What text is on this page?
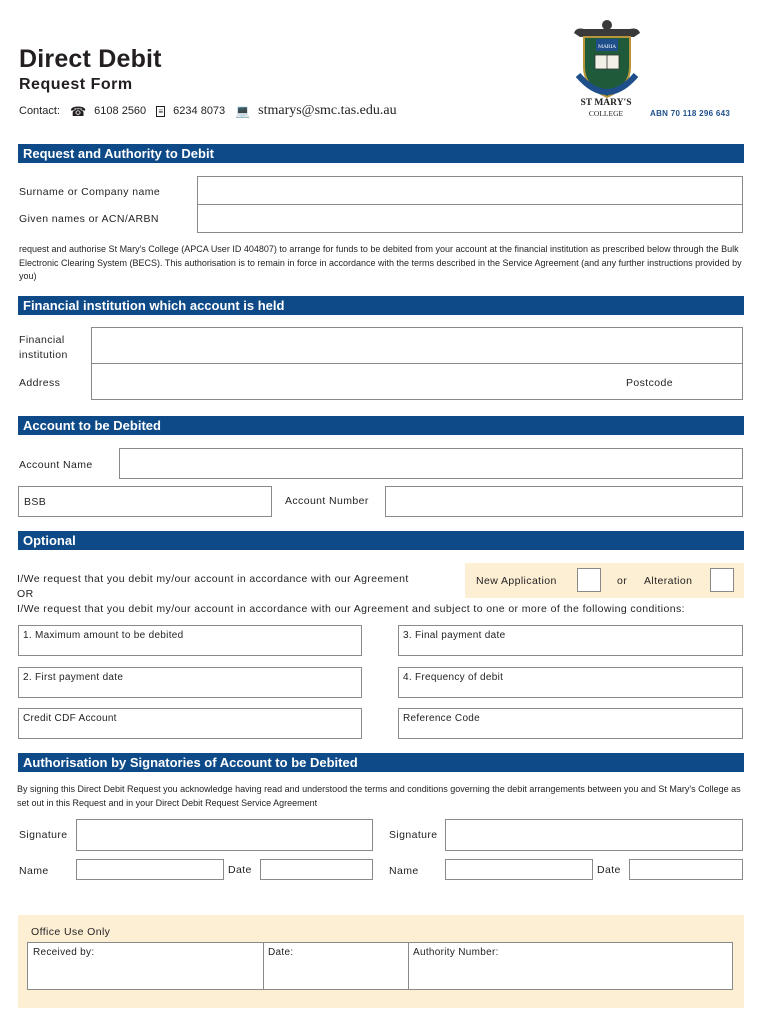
Direct Debit
Request Form
Contact: ☎ 6108 2560 ≡ 6234 8073 💻 stmarys@smc.tas.edu.au
MARIA
ST MARY'S
COLLEGE	ABN 70 118 296 643
Request and Authority to Debit
Surname or Company name
Given names or ACN/ARBN
request and authorise St Mary's College (APCA User ID 404807) to arrange for funds to be debited from your account at the financial institution as prescribed below through the Bulk Electronic Clearing System (BECS). This authorisation is to remain in force in accordance with the terms described in the Service Agreement (and any further instructions provided by you)
Financial institution which account is held
Financial
institution
Address	Postcode
Account to be Debited
Account Name
BSB	Account Number
Optional
I/We request that you debit my/our account in accordance with our Agreement
OR
I/We request that you debit my/our account in accordance with our Agreement and subject to one or more of the following conditions:
New Application	or Alteration
1. Maximum amount to be debited	3. Final payment date
2. First payment date	4. Frequency of debit
Credit CDF Account	Reference Code
Authorisation by Signatories of Account to be Debited
By signing this Direct Debit Request you acknowledge having read and understood the terms and conditions governing the debit arrangements between you and St Mary's College as set out in this Request and in your Direct Debit Request Service Agreement
Signature	Signature
Name	Date	Name	Date
Office Use Only
Received by:	Date:	Authority Number:
